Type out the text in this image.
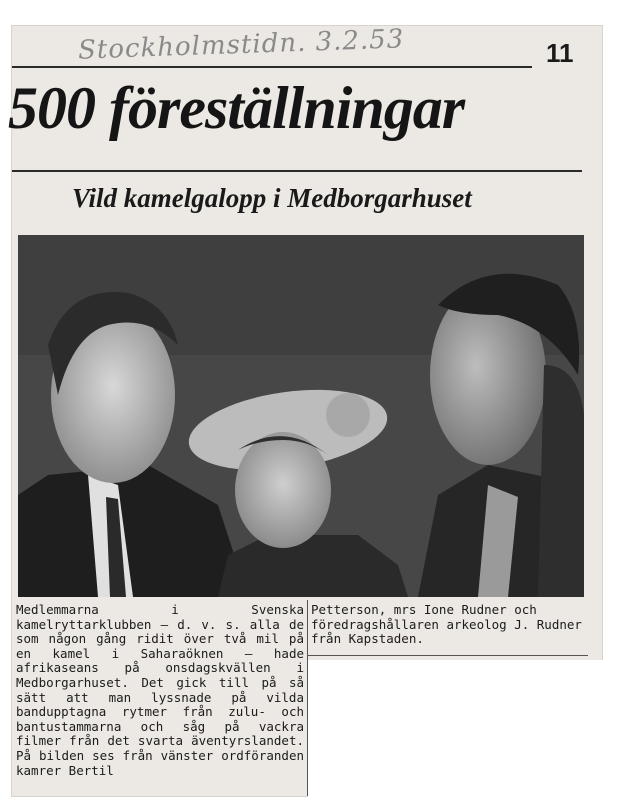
Stockholmstidn. 3.2.53	11
500 föreställningar
Vild kamelgalopp i Medborgarhuset

Medlemmarna i Svenska kamelryttarklubben — d. v. s. alla de som någon gång ridit över två mil på en kamel i Saharaöknen — hade afrikaseans på onsdagskvällen i Medborgarhuset. Det gick till på så sätt att man lyssnade på vilda bandupptagna rytmer från zulu- och bantustammarna och såg på vackra filmer från det svarta äventyrslandet. På bilden ses från vänster ordföranden kamrer Bertil

Petterson, mrs Ione Rudner och föredragshållaren arkeolog J. Rudner från Kapstaden.
